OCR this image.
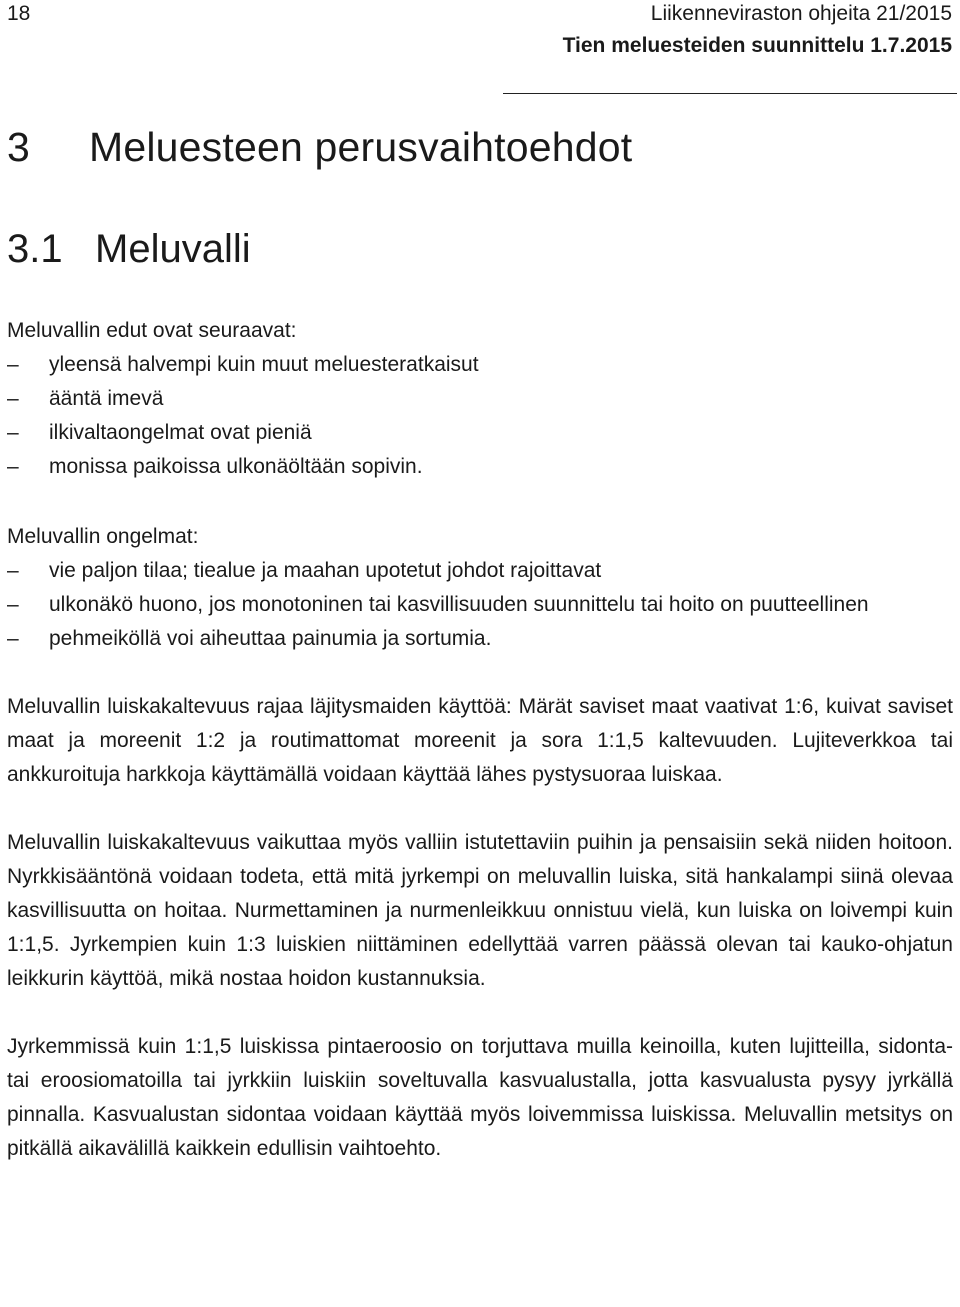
18	Liikenneviraston ohjeita 21/2015
Tien meluesteiden suunnittelu 1.7.2015
3 Meluesteen perusvaihtoehdot
3.1 Meluvalli

Meluvallin edut ovat seuraavat:

– yleensä halvempi kuin muut meluesteratkaisut
– ääntä imevä
– ilkivaltaongelmat ovat pieniä
– monissa paikoissa ulkonäöltään sopivin.

Meluvallin ongelmat:

– vie paljon tilaa; tiealue ja maahan upotetut johdot rajoittavat
– ulkonäkö huono, jos monotoninen tai kasvillisuuden suunnittelu tai hoito on puutteellinen
– pehmeiköllä voi aiheuttaa painumia ja sortumia.

Meluvallin luiskakaltevuus rajaa läjitysmaiden käyttöä: Märät saviset maat vaativat 1:6, kuivat saviset maat ja moreenit 1:2 ja routimattomat moreenit ja sora 1:1,5 kaltevuuden. Lujiteverkkoa tai ankkuroituja harkkoja käyttämällä voidaan käyttää lähes pystysuoraa luiskaa.

Meluvallin luiskakaltevuus vaikuttaa myös valliin istutettaviin puihin ja pensaisiin sekä niiden hoitoon. Nyrkkisääntönä voidaan todeta, että mitä jyrkempi on meluvallin luiska, sitä hankalampi siinä olevaa kasvillisuutta on hoitaa. Nurmettaminen ja nurmenleikkuu onnistuu vielä, kun luiska on loivempi kuin 1:1,5. Jyrkempien kuin 1:3 luiskien niittäminen edellyttää varren päässä olevan tai kauko-ohjatun leikkurin käyttöä, mikä nostaa hoidon kustannuksia.

Jyrkemmissä kuin 1:1,5 luiskissa pintaeroosio on torjuttava muilla keinoilla, kuten lujitteilla, sidonta- tai eroosiomatoilla tai jyrkkiin luiskiin soveltuvalla kasvualustalla, jotta kasvualusta pysyy jyrkällä pinnalla. Kasvualustan sidontaa voidaan käyttää myös loivemmissa luiskissa. Meluvallin metsitys on pitkällä aikavälillä kaikkein edullisin vaihtoehto.
